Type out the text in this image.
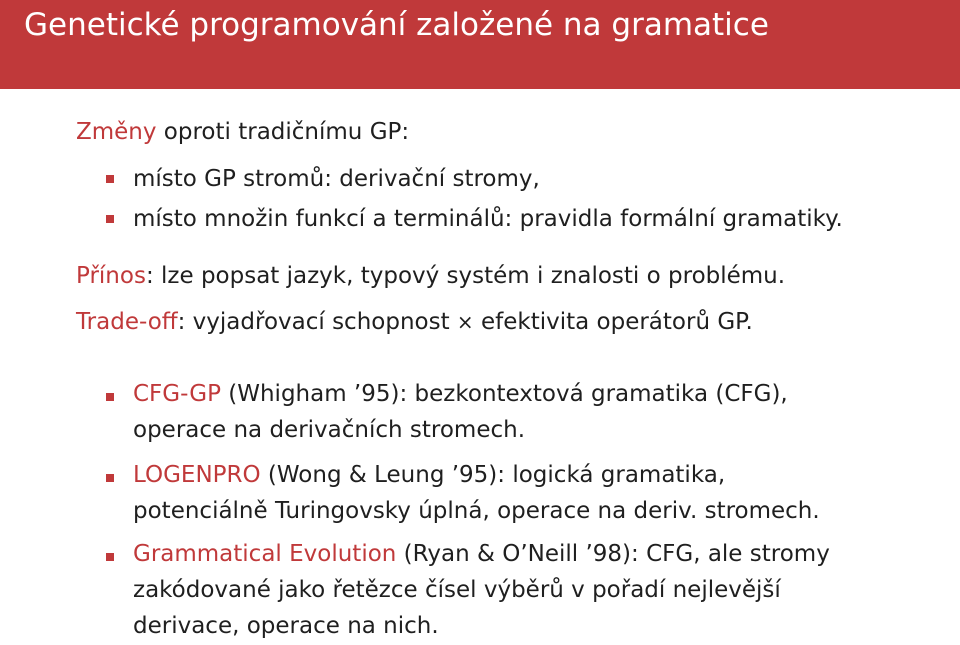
Genetické programování založené na gramatice
Změny oproti tradičnímu GP:
místo GP stromů: derivační stromy,
místo množin funkcí a terminálů: pravidla formální gramatiky.
Přínos: lze popsat jazyk, typový systém i znalosti o problému.
Trade-off: vyjadřovací schopnost × efektivita operátorů GP.
CFG-GP (Whigham ’95): bezkontextová gramatika (CFG),
operace na derivačních stromech.
LOGENPRO (Wong & Leung ’95): logická gramatika,
potenciálně Turingovsky úplná, operace na deriv. stromech.
Grammatical Evolution (Ryan & O’Neill ’98): CFG, ale stromy
zakódované jako řetězce čísel výběrů v pořadí nejlevější
derivace, operace na nich.
